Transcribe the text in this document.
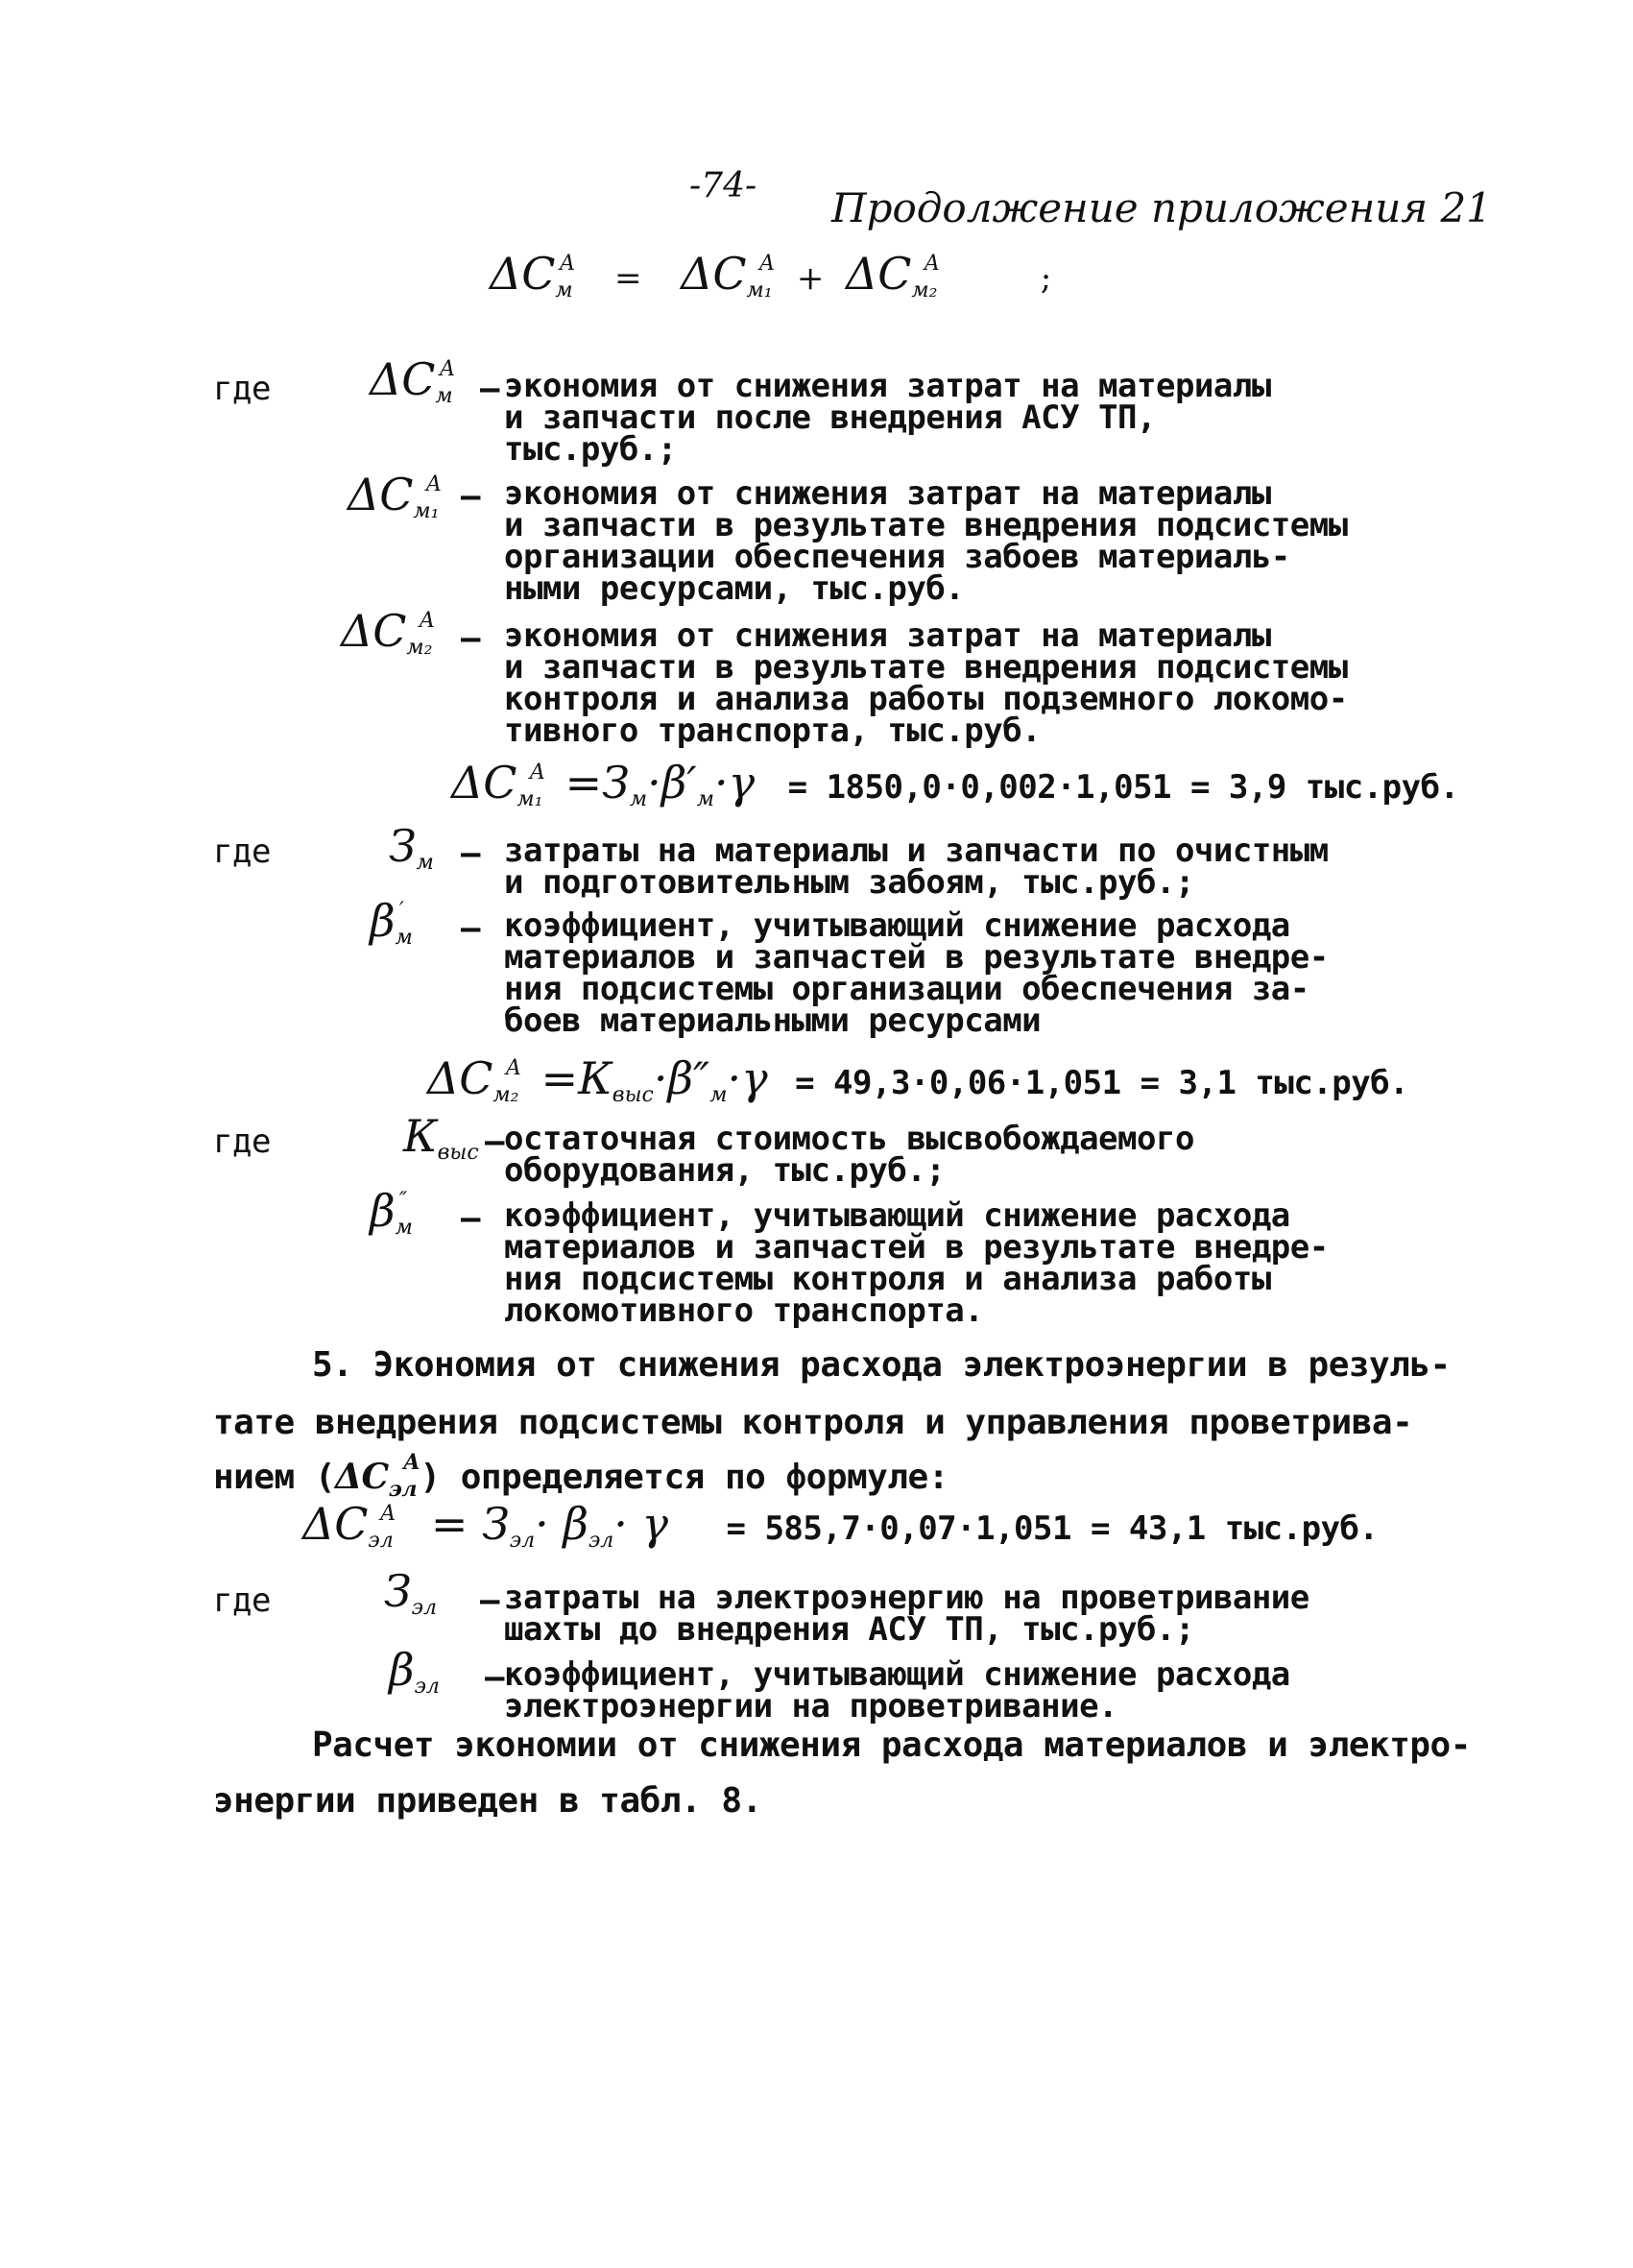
-74- Продолжение приложения 21
$\Delta C_м^А = \Delta C_{м_1}^А + \Delta C_{м_2}^А$	;
где $\Delta C_м^А$
– экономия от снижения затрат на материалы
и запчасти после внедрения АСУ ТП,
тыс.руб.;
$\Delta C_{м_1}^А$ – экономия от снижения затрат на материалы
и запчасти в результате внедрения подсистемы
организации обеспечения забоев материаль-
ными ресурсами, тыс.руб.
$\Delta C_{м_2}^А$ – экономия от снижения затрат на материалы
и запчасти в результате внедрения подсистемы
контроля и анализа работы подземного локомо-
тивного транспорта, тыс.руб.
$\Delta C_{м_1}^А =З_м\cdot\beta'_м\cdot\gamma = 1850,0\cdot 0,002\cdot 1,051 = 3,9$ тыс.руб.
где	$З_м$ – затраты на материалы и запчасти по очистным
и подготовительным забоям, тыс.руб.;
$\beta_м'$ – коэффициент, учитывающий снижение расхода
материалов и запчастей в результате внедре-
ния подсистемы организации обеспечения за-
боев материальными ресурсами
$\Delta C_{м_2}^А =К_{выс}\cdot\beta''_м\cdot\gamma = 49,3\cdot 0,06\cdot 1,051 = 3,1$ тыс.руб.
где	$К_{выс}$ – остаточная стоимость высвобождаемого
оборудования, тыс.руб.;
$\beta_м''$ – коэффициент, учитывающий снижение расхода
материалов и запчастей в результате внедре-
ния подсистемы контроля и анализа работы
локомотивного транспорта.
5. Экономия от снижения расхода электроэнергии в резуль-
тате внедрения подсистемы контроля и управления проветрива-
нием $(\Delta C_{эл}^А)$ определяется по формуле:
$\Delta C_{эл}^А = З_{эл}\cdot \beta_{эл}\cdot \gamma = 585,7\cdot 0,07\cdot 1,051 = 43,1$ тыс.руб.
где	$З_{эл}$ – затраты на электроэнергию на проветривание
шахты до внедрения АСУ ТП, тыс.руб.;
$\beta_{эл}$ – коэффициент, учитывающий снижение расхода
электроэнергии на проветривание.
Расчет экономии от снижения расхода материалов и электро-
энергии приведен в табл. 8.
